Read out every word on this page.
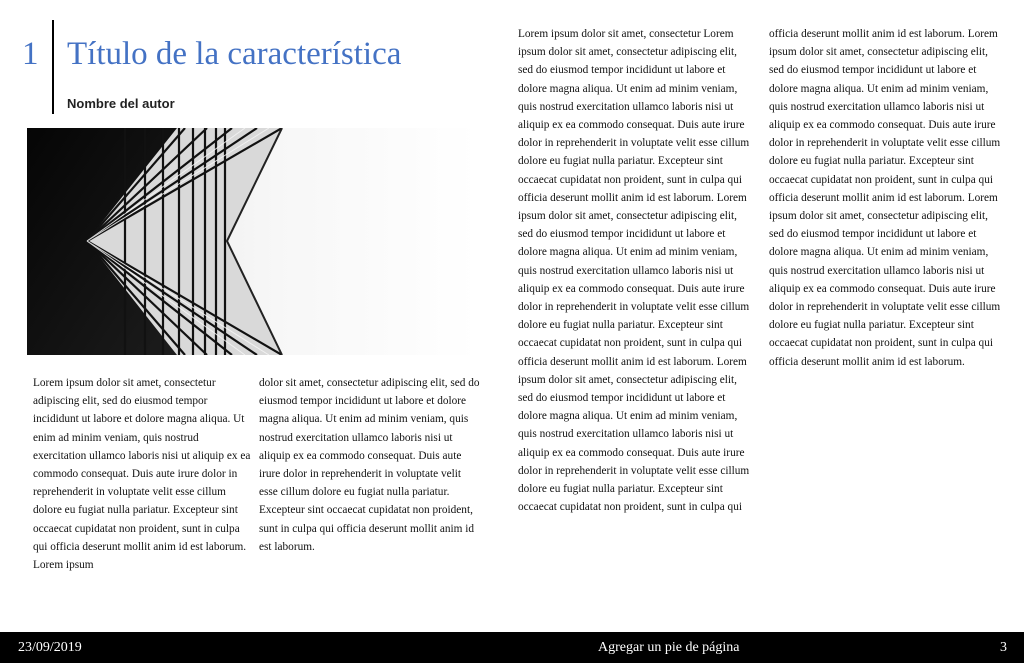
1 Título de la característica
Nombre del autor

Lorem ipsum dolor sit amet, consectetur adipiscing elit, sed do eiusmod tempor incididunt ut labore et dolore magna aliqua. Ut enim ad minim veniam, quis nostrud exercitation ullamco laboris nisi ut aliquip ex ea commodo consequat. Duis aute irure dolor in reprehenderit in voluptate velit esse cillum dolore eu fugiat nulla pariatur. Excepteur sint occaecat cupidatat non proident, sunt in culpa qui officia deserunt mollit anim id est laborum. Lorem ipsum

dolor sit amet, consectetur adipiscing elit, sed do eiusmod tempor incididunt ut labore et dolore magna aliqua. Ut enim ad minim veniam, quis nostrud exercitation ullamco laboris nisi ut aliquip ex ea commodo consequat. Duis aute irure dolor in reprehenderit in voluptate velit esse cillum dolore eu fugiat nulla pariatur. Excepteur sint occaecat cupidatat non proident, sunt in culpa qui officia deserunt mollit anim id est laborum.

Lorem ipsum dolor sit amet, consectetur Lorem ipsum dolor sit amet, consectetur adipiscing elit, sed do eiusmod tempor incididunt ut labore et dolore magna aliqua. Ut enim ad minim veniam, quis nostrud exercitation ullamco laboris nisi ut aliquip ex ea commodo consequat. Duis aute irure dolor in reprehenderit in voluptate velit esse cillum dolore eu fugiat nulla pariatur. Excepteur sint occaecat cupidatat non proident, sunt in culpa qui officia deserunt mollit anim id est laborum. Lorem ipsum dolor sit amet, consectetur adipiscing elit, sed do eiusmod tempor incididunt ut labore et dolore magna aliqua. Ut enim ad minim veniam, quis nostrud exercitation ullamco laboris nisi ut aliquip ex ea commodo consequat. Duis aute irure dolor in reprehenderit in voluptate velit esse cillum dolore eu fugiat nulla pariatur. Excepteur sint occaecat cupidatat non proident, sunt in culpa qui officia deserunt mollit anim id est laborum. Lorem ipsum dolor sit amet, consectetur adipiscing elit, sed do eiusmod tempor incididunt ut labore et dolore magna aliqua. Ut enim ad minim veniam, quis nostrud exercitation ullamco laboris nisi ut aliquip ex ea commodo consequat. Duis aute irure dolor in reprehenderit in voluptate velit esse cillum dolore eu fugiat nulla pariatur. Excepteur sint occaecat cupidatat non proident, sunt in culpa qui

officia deserunt mollit anim id est laborum. Lorem ipsum dolor sit amet, consectetur adipiscing elit, sed do eiusmod tempor incididunt ut labore et dolore magna aliqua. Ut enim ad minim veniam, quis nostrud exercitation ullamco laboris nisi ut aliquip ex ea commodo consequat. Duis aute irure dolor in reprehenderit in voluptate velit esse cillum dolore eu fugiat nulla pariatur. Excepteur sint occaecat cupidatat non proident, sunt in culpa qui officia deserunt mollit anim id est laborum. Lorem ipsum dolor sit amet, consectetur adipiscing elit, sed do eiusmod tempor incididunt ut labore et dolore magna aliqua. Ut enim ad minim veniam, quis nostrud exercitation ullamco laboris nisi ut aliquip ex ea commodo consequat. Duis aute irure dolor in reprehenderit in voluptate velit esse cillum dolore eu fugiat nulla pariatur. Excepteur sint occaecat cupidatat non proident, sunt in culpa qui officia deserunt mollit anim id est laborum.

23/09/2019	Agregar un pie de página	3
